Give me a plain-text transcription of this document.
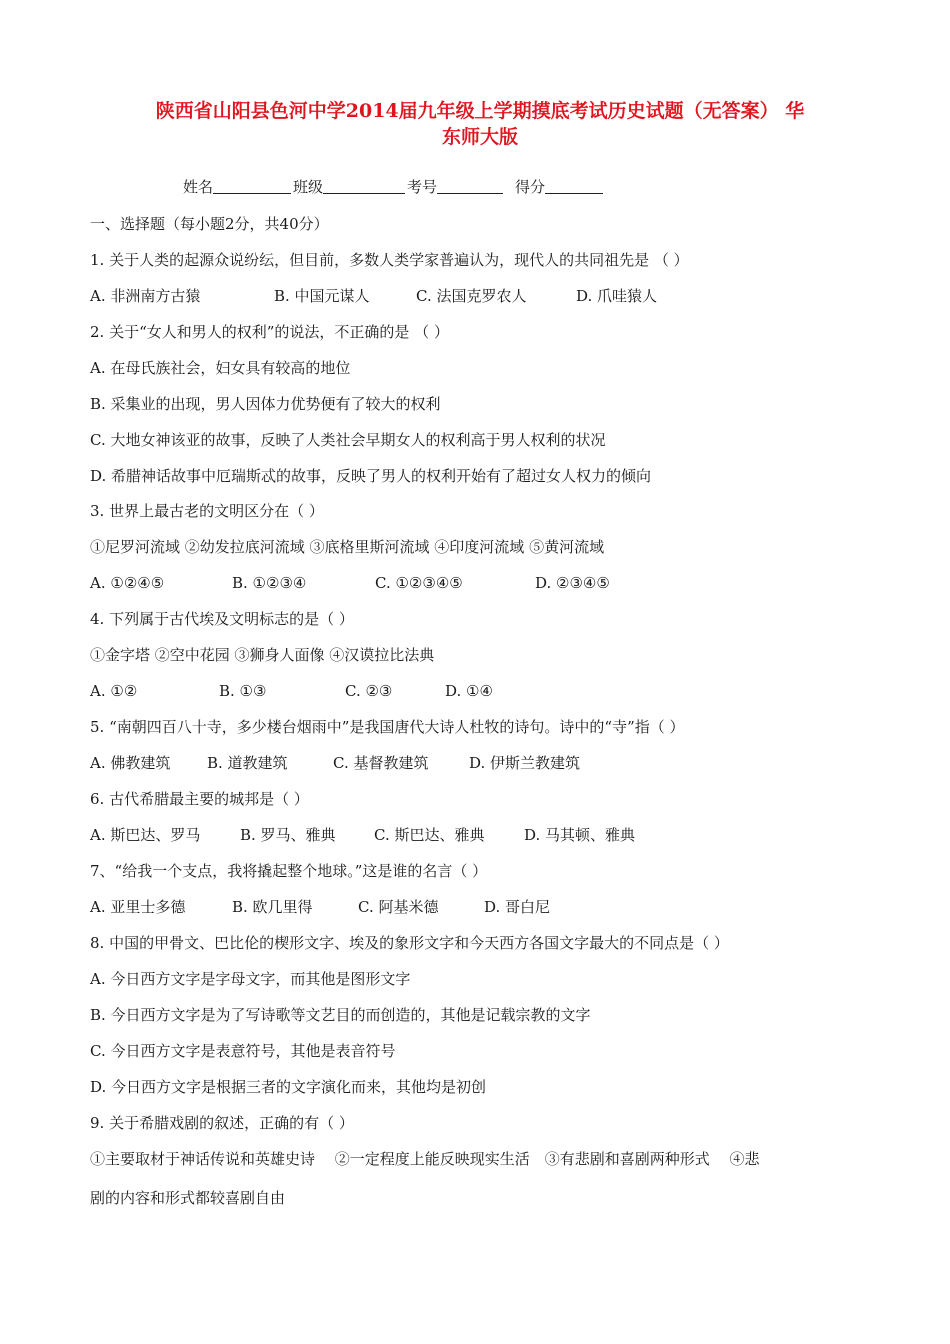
陕西省山阳县色河中学2014届九年级上学期摸底考试历史试题（无答案） 华
东师大版
姓名	班级	考号	得分
一、选择题（每小题2分，共40分）
1. 关于人类的起源众说纷纭，但目前，多数人类学家普遍认为，现代人的共同祖先是 （ ）
A. 非洲南方古猿	B. 中国元谋人	C. 法国克罗农人	D. 爪哇猿人
2. 关于“女人和男人的权利”的说法，不正确的是 （ ）
A. 在母氏族社会，妇女具有较高的地位
B. 采集业的出现，男人因体力优势便有了较大的权利
C. 大地女神该亚的故事，反映了人类社会早期女人的权利高于男人权利的状况
D. 希腊神话故事中厄瑞斯忒的故事，反映了男人的权利开始有了超过女人权力的倾向
3. 世界上最古老的文明区分在（ ）
①尼罗河流域 ②幼发拉底河流域 ③底格里斯河流域 ④印度河流域 ⑤黄河流域
A. ①②④⑤	B. ①②③④	C. ①②③④⑤	D. ②③④⑤
4. 下列属于古代埃及文明标志的是（ ）
①金字塔 ②空中花园 ③狮身人面像 ④汉谟拉比法典
A. ①②	B. ①③	C. ②③	D. ①④
5. “南朝四百八十寺，多少楼台烟雨中”是我国唐代大诗人杜牧的诗句。诗中的“寺”指（ ）
A. 佛教建筑 B. 道教建筑	C. 基督教建筑	D. 伊斯兰教建筑
6. 古代希腊最主要的城邦是（ ）
A. 斯巴达、罗马	B. 罗马、雅典	C. 斯巴达、雅典	D. 马其顿、雅典
7、“给我一个支点，我将撬起整个地球。”这是谁的名言（ ）
A. 亚里士多德	B. 欧几里得	C. 阿基米德	D. 哥白尼
8. 中国的甲骨文、巴比伦的楔形文字、埃及的象形文字和今天西方各国文字最大的不同点是（ ）
A. 今日西方文字是字母文字，而其他是图形文字
B. 今日西方文字是为了写诗歌等文艺目的而创造的，其他是记载宗教的文字
C. 今日西方文字是表意符号，其他是表音符号
D. 今日西方文字是根据三者的文字演化而来，其他均是初创
9. 关于希腊戏剧的叙述，正确的有（ ）
①主要取材于神话传说和英雄史诗　 ②一定程度上能反映现实生活　③有悲剧和喜剧两种形式　 ④悲
剧的内容和形式都较喜剧自由
